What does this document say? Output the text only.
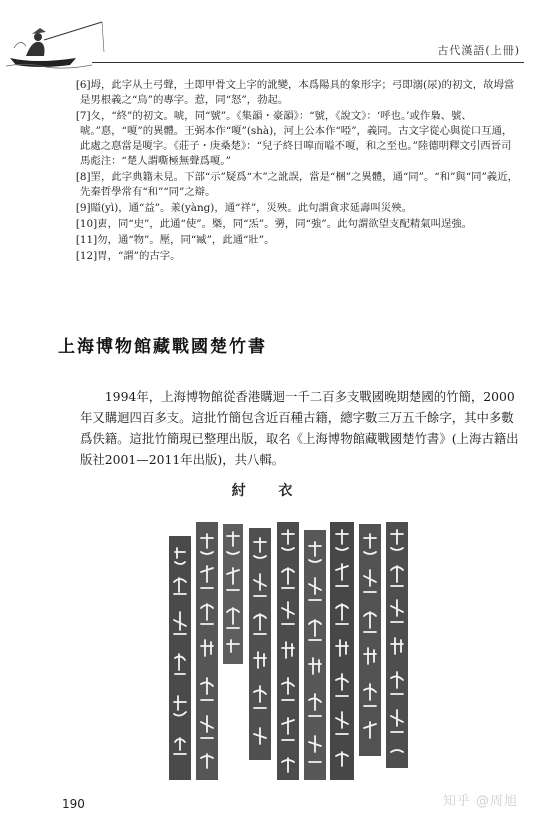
古代漢語(上冊)

[6]坶，此字从土弓聲，土即甲骨文上字的訛變，本爲陽具的象形字；弓即溺(尿)的初文，故坶當是男根義之“鳥”的專字。惹，同“怒”，勃起。

[7]夂，“終”的初文。唬，同“號”。《集韻・豪韻》：“號，《說文》：‘呼也。’或作梟、號、唬。”惪，“嗄”的異體。王弼本作“嗄”(shà)，河上公本作“啞”，義同。古文字從心與從口互通，此處之惪當是嗄字。《莊子・庚桑楚》：“兒子終日嗥而嗌不嗄，和之至也。”陸德明釋文引西晉司馬彪注：“楚人謂嘶極無聲爲嗄。”

[8]罣，此字典籍未見。下部“示”疑爲“木”之訛誤，當是“梱”之異體，通“同”。“和”與“同”義近，先秦哲學常有“和”“同”之辯。

[9]賹(yì)，通“益”。羕(yàng)，通“祥”，災殃。此句謂貪求延壽叫災殃。

[10]叀，同“史”，此通“使”。槩，同“炁”。勥，同“強”。此句謂欲望支配精氣叫逞強。

[11]勿，通“物”。壓，同“臧”，此通“壯”。

[12]胃，“謂”的古字。

上海博物館藏戰國楚竹書

1994年，上海博物館從香港購迴一千二百多支戰國晚期楚國的竹簡，2000年又購迴四百多支。這批竹簡包含近百種古籍，總字數三万五千餘字，其中多數爲佚籍。這批竹簡現已整理出版，取名《上海博物館藏戰國楚竹書》(上海古籍出版社2001—2011年出版)，共八輯。

紂 衣
190	知乎 @周旭
